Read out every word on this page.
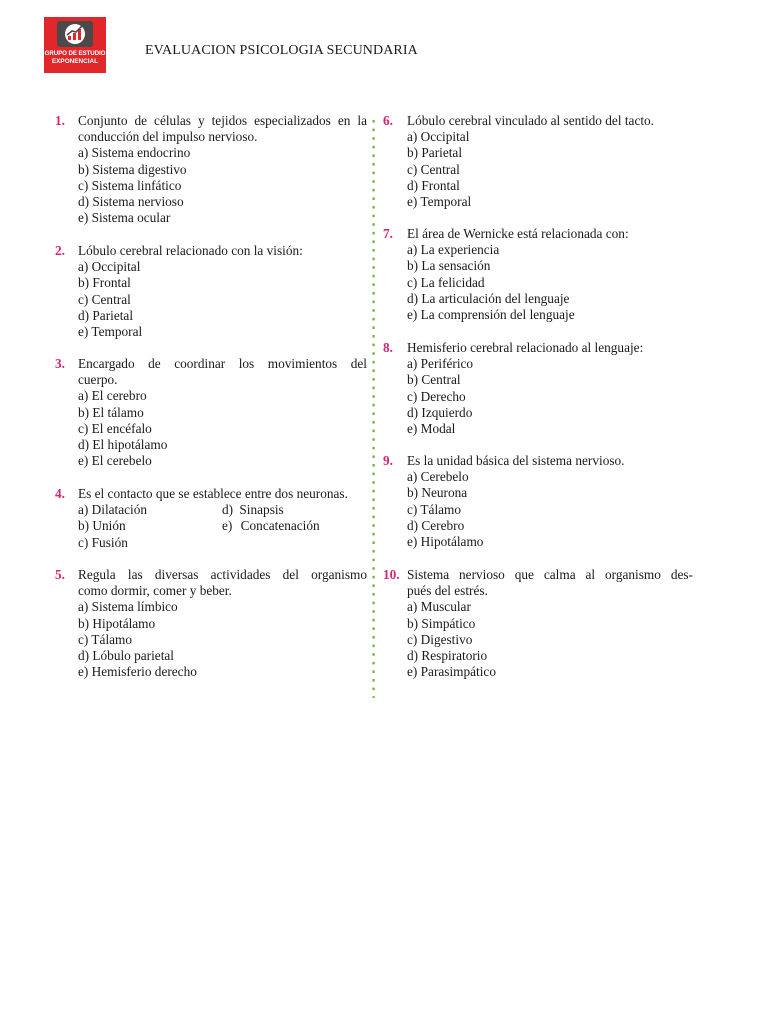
GRUPO DE ESTUDIO
EXPONENCIAL
EVALUACION PSICOLOGIA SECUNDARIA
1. Conjunto de células y tejidos especializados en la
conducción del impulso nervioso.
a) Sistema endocrino
b) Sistema digestivo
c) Sistema linfático
d) Sistema nervioso
e) Sistema ocular
2. Lóbulo cerebral relacionado con la visión:
a) Occipital
b) Frontal
c) Central
d) Parietal
e) Temporal
3. Encargado de coordinar los movimientos del
cuerpo.
a) El cerebro
b) El tálamo
c) El encéfalo
d) El hipotálamo
e) El cerebelo
4. Es el contacto que se establece entre dos neuronas.
a) Dilatación	d) Sinapsis
b) Unión	e) Concatenación
c) Fusión
5. Regula las diversas actividades del organismo
como dormir, comer y beber.
a) Sistema límbico
b) Hipotálamo
c) Tálamo
d) Lóbulo parietal
e) Hemisferio derecho
6. Lóbulo cerebral vinculado al sentido del tacto.
a) Occipital
b) Parietal
c) Central
d) Frontal
e) Temporal
7. El área de Wernicke está relacionada con:
a) La experiencia
b) La sensación
c) La felicidad
d) La articulación del lenguaje
e) La comprensión del lenguaje
8. Hemisferio cerebral relacionado al lenguaje:
a) Periférico
b) Central
c) Derecho
d) Izquierdo
e) Modal
9. Es la unidad básica del sistema nervioso.
a) Cerebelo
b) Neurona
c) Tálamo
d) Cerebro
e) Hipotálamo
10. Sistema nervioso que calma al organismo des-
pués del estrés.
a) Muscular
b) Simpático
c) Digestivo
d) Respiratorio
e) Parasimpático
